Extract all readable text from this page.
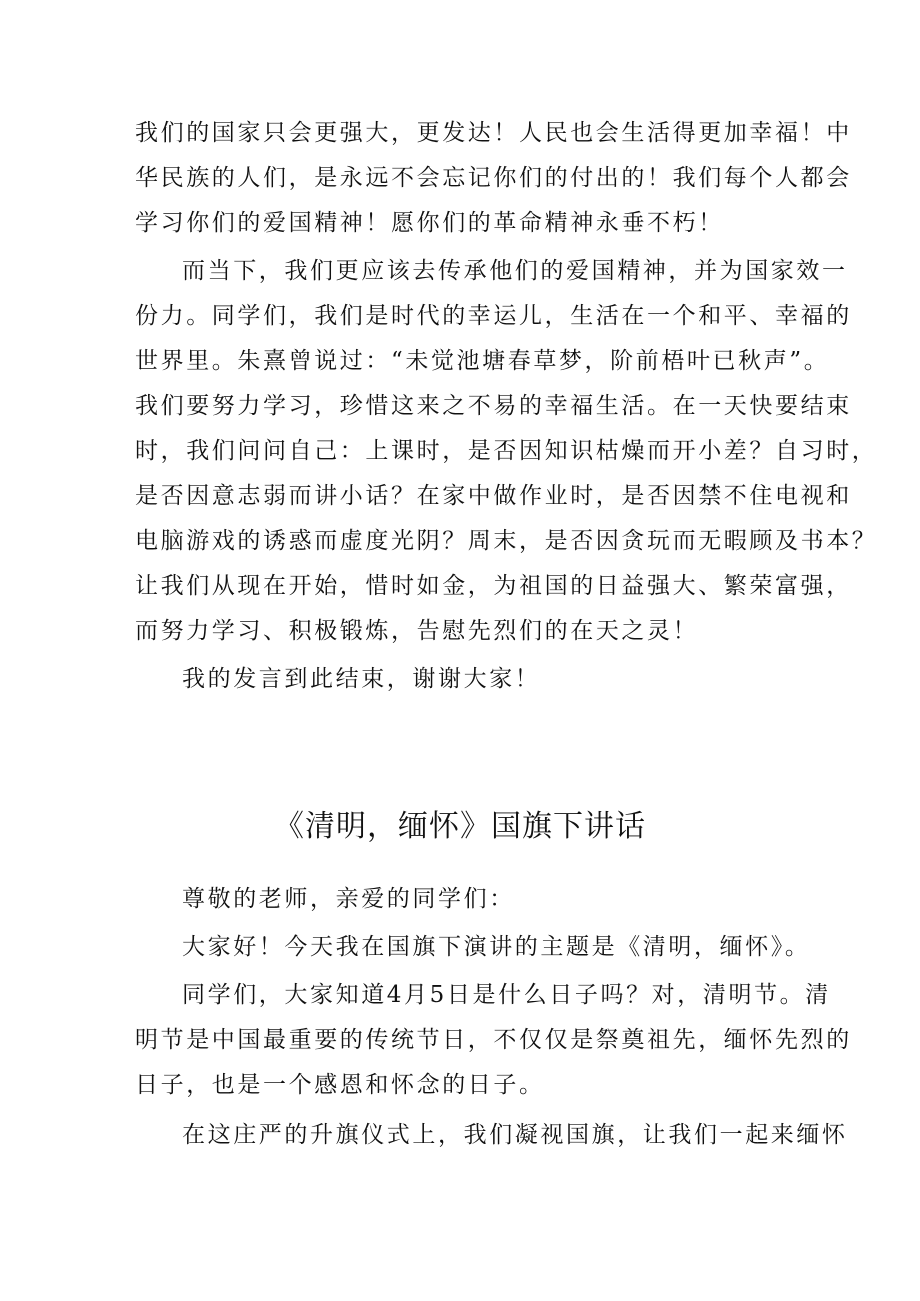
我们的国家只会更强大，更发达！人民也会生活得更加幸福！中
华民族的人们，是永远不会忘记你们的付出的！我们每个人都会
学习你们的爱国精神！愿你们的革命精神永垂不朽！
而当下，我们更应该去传承他们的爱国精神，并为国家效一
份力。同学们，我们是时代的幸运儿，生活在一个和平、幸福的
世界里。朱熹曾说过：“未觉池塘春草梦，阶前梧叶已秋声”。
我们要努力学习，珍惜这来之不易的幸福生活。在一天快要结束
时，我们问问自己：上课时，是否因知识枯燥而开小差？自习时，
是否因意志弱而讲小话？在家中做作业时，是否因禁不住电视和
电脑游戏的诱惑而虚度光阴？周末，是否因贪玩而无暇顾及书本？
让我们从现在开始，惜时如金，为祖国的日益强大、繁荣富强，
而努力学习、积极锻炼，告慰先烈们的在天之灵！
我的发言到此结束，谢谢大家！
《清明，缅怀》国旗下讲话
尊敬的老师，亲爱的同学们：
大家好！今天我在国旗下演讲的主题是《清明，缅怀》。
同学们，大家知道4月5日是什么日子吗？对，清明节。清
明节是中国最重要的传统节日，不仅仅是祭奠祖先，缅怀先烈的
日子，也是一个感恩和怀念的日子。
在这庄严的升旗仪式上，我们凝视国旗，让我们一起来缅怀
